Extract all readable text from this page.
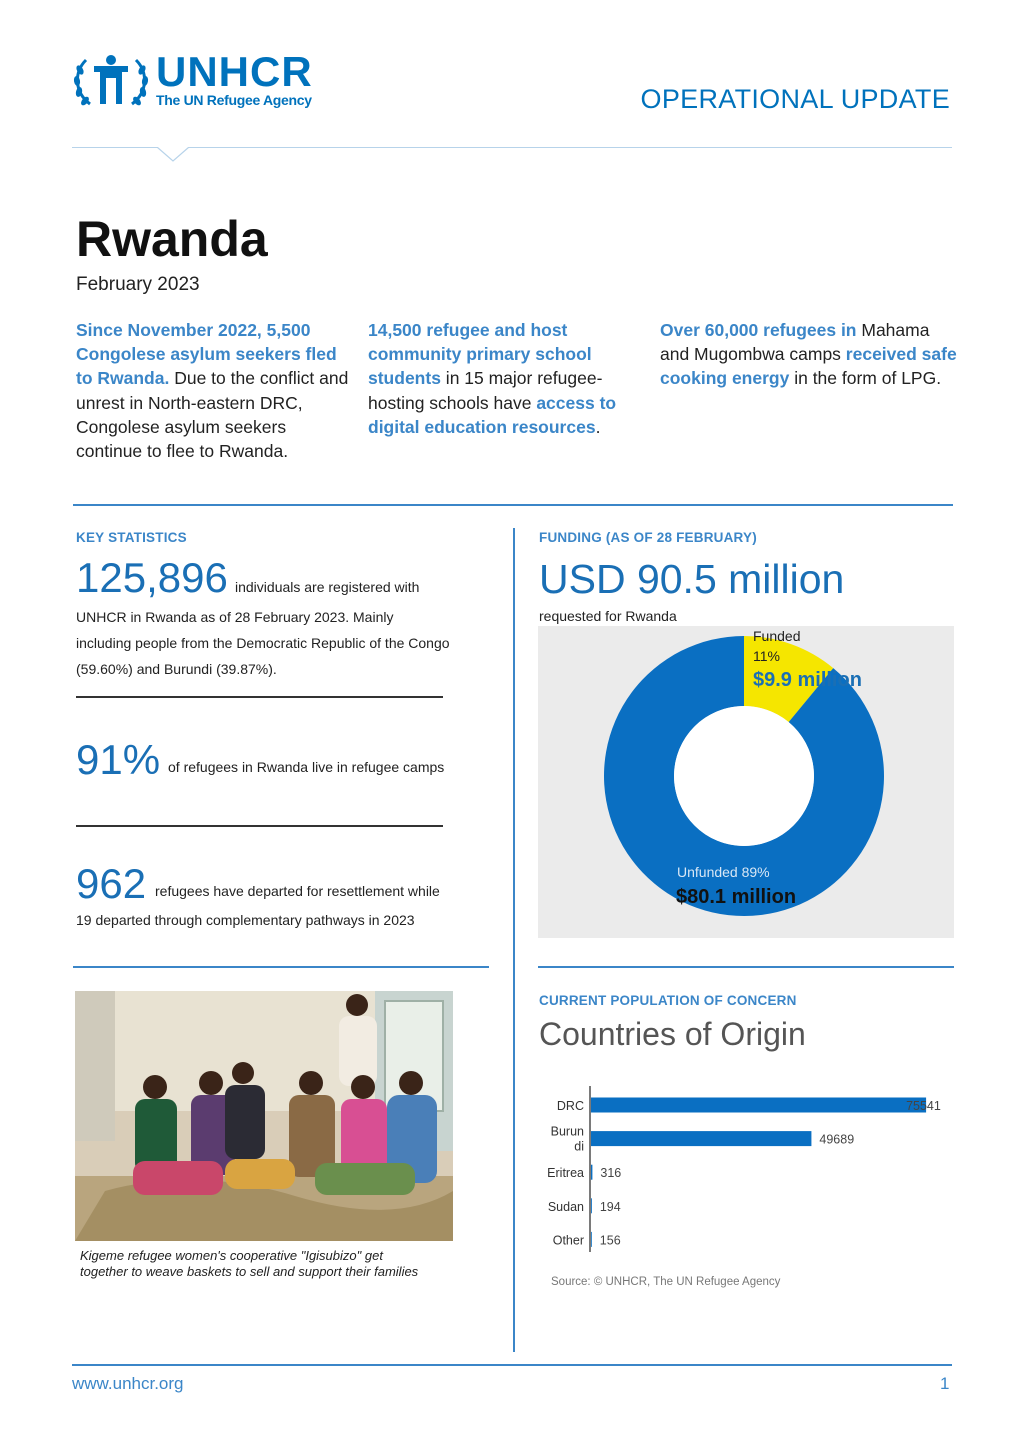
UNHCR
The UN Refugee Agency	OPERATIONAL UPDATE
Rwanda
February 2023
Since November 2022, 5,500 Congolese asylum seekers fled to Rwanda. Due to the conflict and unrest in North-eastern DRC, Congolese asylum seekers continue to flee to Rwanda.
14,500 refugee and host community primary school students in 15 major refugee-hosting schools have access to digital education resources.
Over 60,000 refugees in Mahama and Mugombwa camps received safe cooking energy in the form of LPG.
KEY STATISTICS
125,896 individuals are registered with
UNHCR in Rwanda as of 28 February 2023. Mainly
including people from the Democratic Republic of the Congo
(59.60%) and Burundi (39.87%).
91% of refugees in Rwanda live in refugee camps
962 refugees have departed for resettlement while
19 departed through complementary pathways in 2023
FUNDING (AS OF 28 FEBRUARY)
USD 90.5 million
requested for Rwanda
Funded
11%
$9.9 million
Unfunded 89%
$80.1 million
Kigeme refugee women's cooperative "Igisubizo" get
together to weave baskets to sell and support their families
CURRENT POPULATION OF CONCERN
Countries of Origin
DRC	75541
Burun
di	49689
Eritrea 316
Sudan 194
Other 156
Source: © UNHCR, The UN Refugee Agency
www.unhcr.org	1
